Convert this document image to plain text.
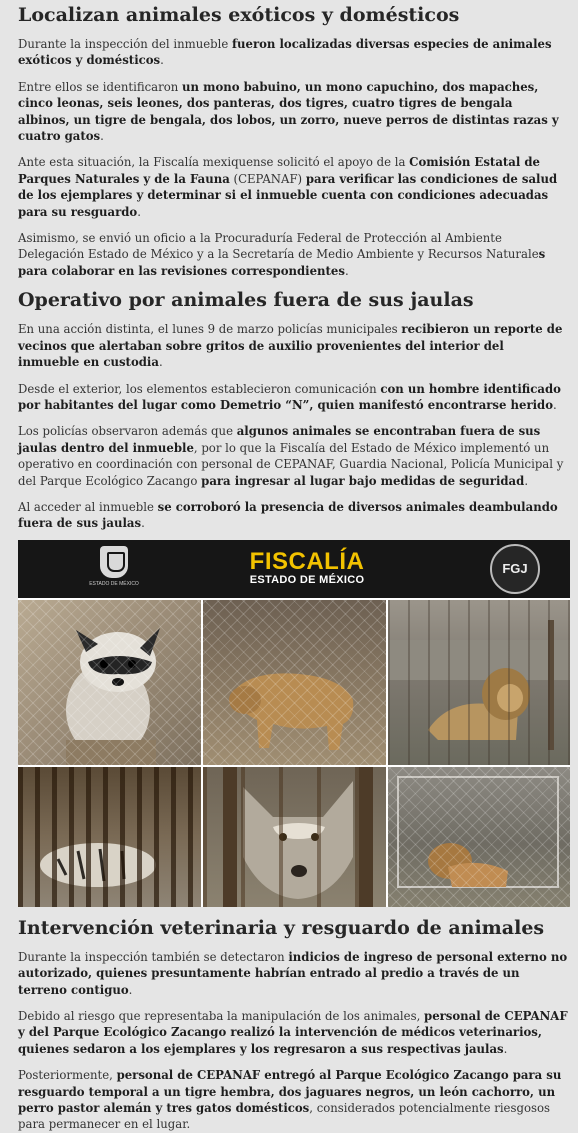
Localizan animales exóticos y domésticos

Durante la inspección del inmueble fueron localizadas diversas especies de animales exóticos y domésticos.

Entre ellos se identificaron un mono babuino, un mono capuchino, dos mapaches, cinco leonas, seis leones, dos panteras, dos tigres, cuatro tigres de bengala albinos, un tigre de bengala, dos lobos, un zorro, nueve perros de distintas razas y cuatro gatos.

Ante esta situación, la Fiscalía mexiquense solicitó el apoyo de la Comisión Estatal de Parques Naturales y de la Fauna (CEPANAF) para verificar las condiciones de salud de los ejemplares y determinar si el inmueble cuenta con condiciones adecuadas para su resguardo.

Asimismo, se envió un oficio a la Procuraduría Federal de Protección al Ambiente Delegación Estado de México y a la Secretaría de Medio Ambiente y Recursos Naturales para colaborar en las revisiones correspondientes.

Operativo por animales fuera de sus jaulas

En una acción distinta, el lunes 9 de marzo policías municipales recibieron un reporte de vecinos que alertaban sobre gritos de auxilio provenientes del interior del inmueble en custodia.

Desde el exterior, los elementos establecieron comunicación con un hombre identificado por habitantes del lugar como Demetrio “N”, quien manifestó encontrarse herido.

Los policías observaron además que algunos animales se encontraban fuera de sus jaulas dentro del inmueble, por lo que la Fiscalía del Estado de México implementó un operativo en coordinación con personal de CEPANAF, Guardia Nacional, Policía Municipal y del Parque Ecológico Zacango para ingresar al lugar bajo medidas de seguridad.

Al acceder al inmueble se corroboró la presencia de diversos animales deambulando fuera de sus jaulas.

ESTADO DE MÉXICO
FISCALÍA
ESTADO DE MÉXICO
FGJ
Intervención veterinaria y resguardo de animales

Durante la inspección también se detectaron indicios de ingreso de personal externo no autorizado, quienes presuntamente habrían entrado al predio a través de un terreno contiguo.

Debido al riesgo que representaba la manipulación de los animales, personal de CEPANAF y del Parque Ecológico Zacango realizó la intervención de médicos veterinarios, quienes sedaron a los ejemplares y los regresaron a sus respectivas jaulas.

Posteriormente, personal de CEPANAF entregó al Parque Ecológico Zacango para su resguardo temporal a un tigre hembra, dos jaguares negros, un león cachorro, un perro pastor alemán y tres gatos domésticos, considerados potencialmente riesgosos para permanecer en el lugar.
